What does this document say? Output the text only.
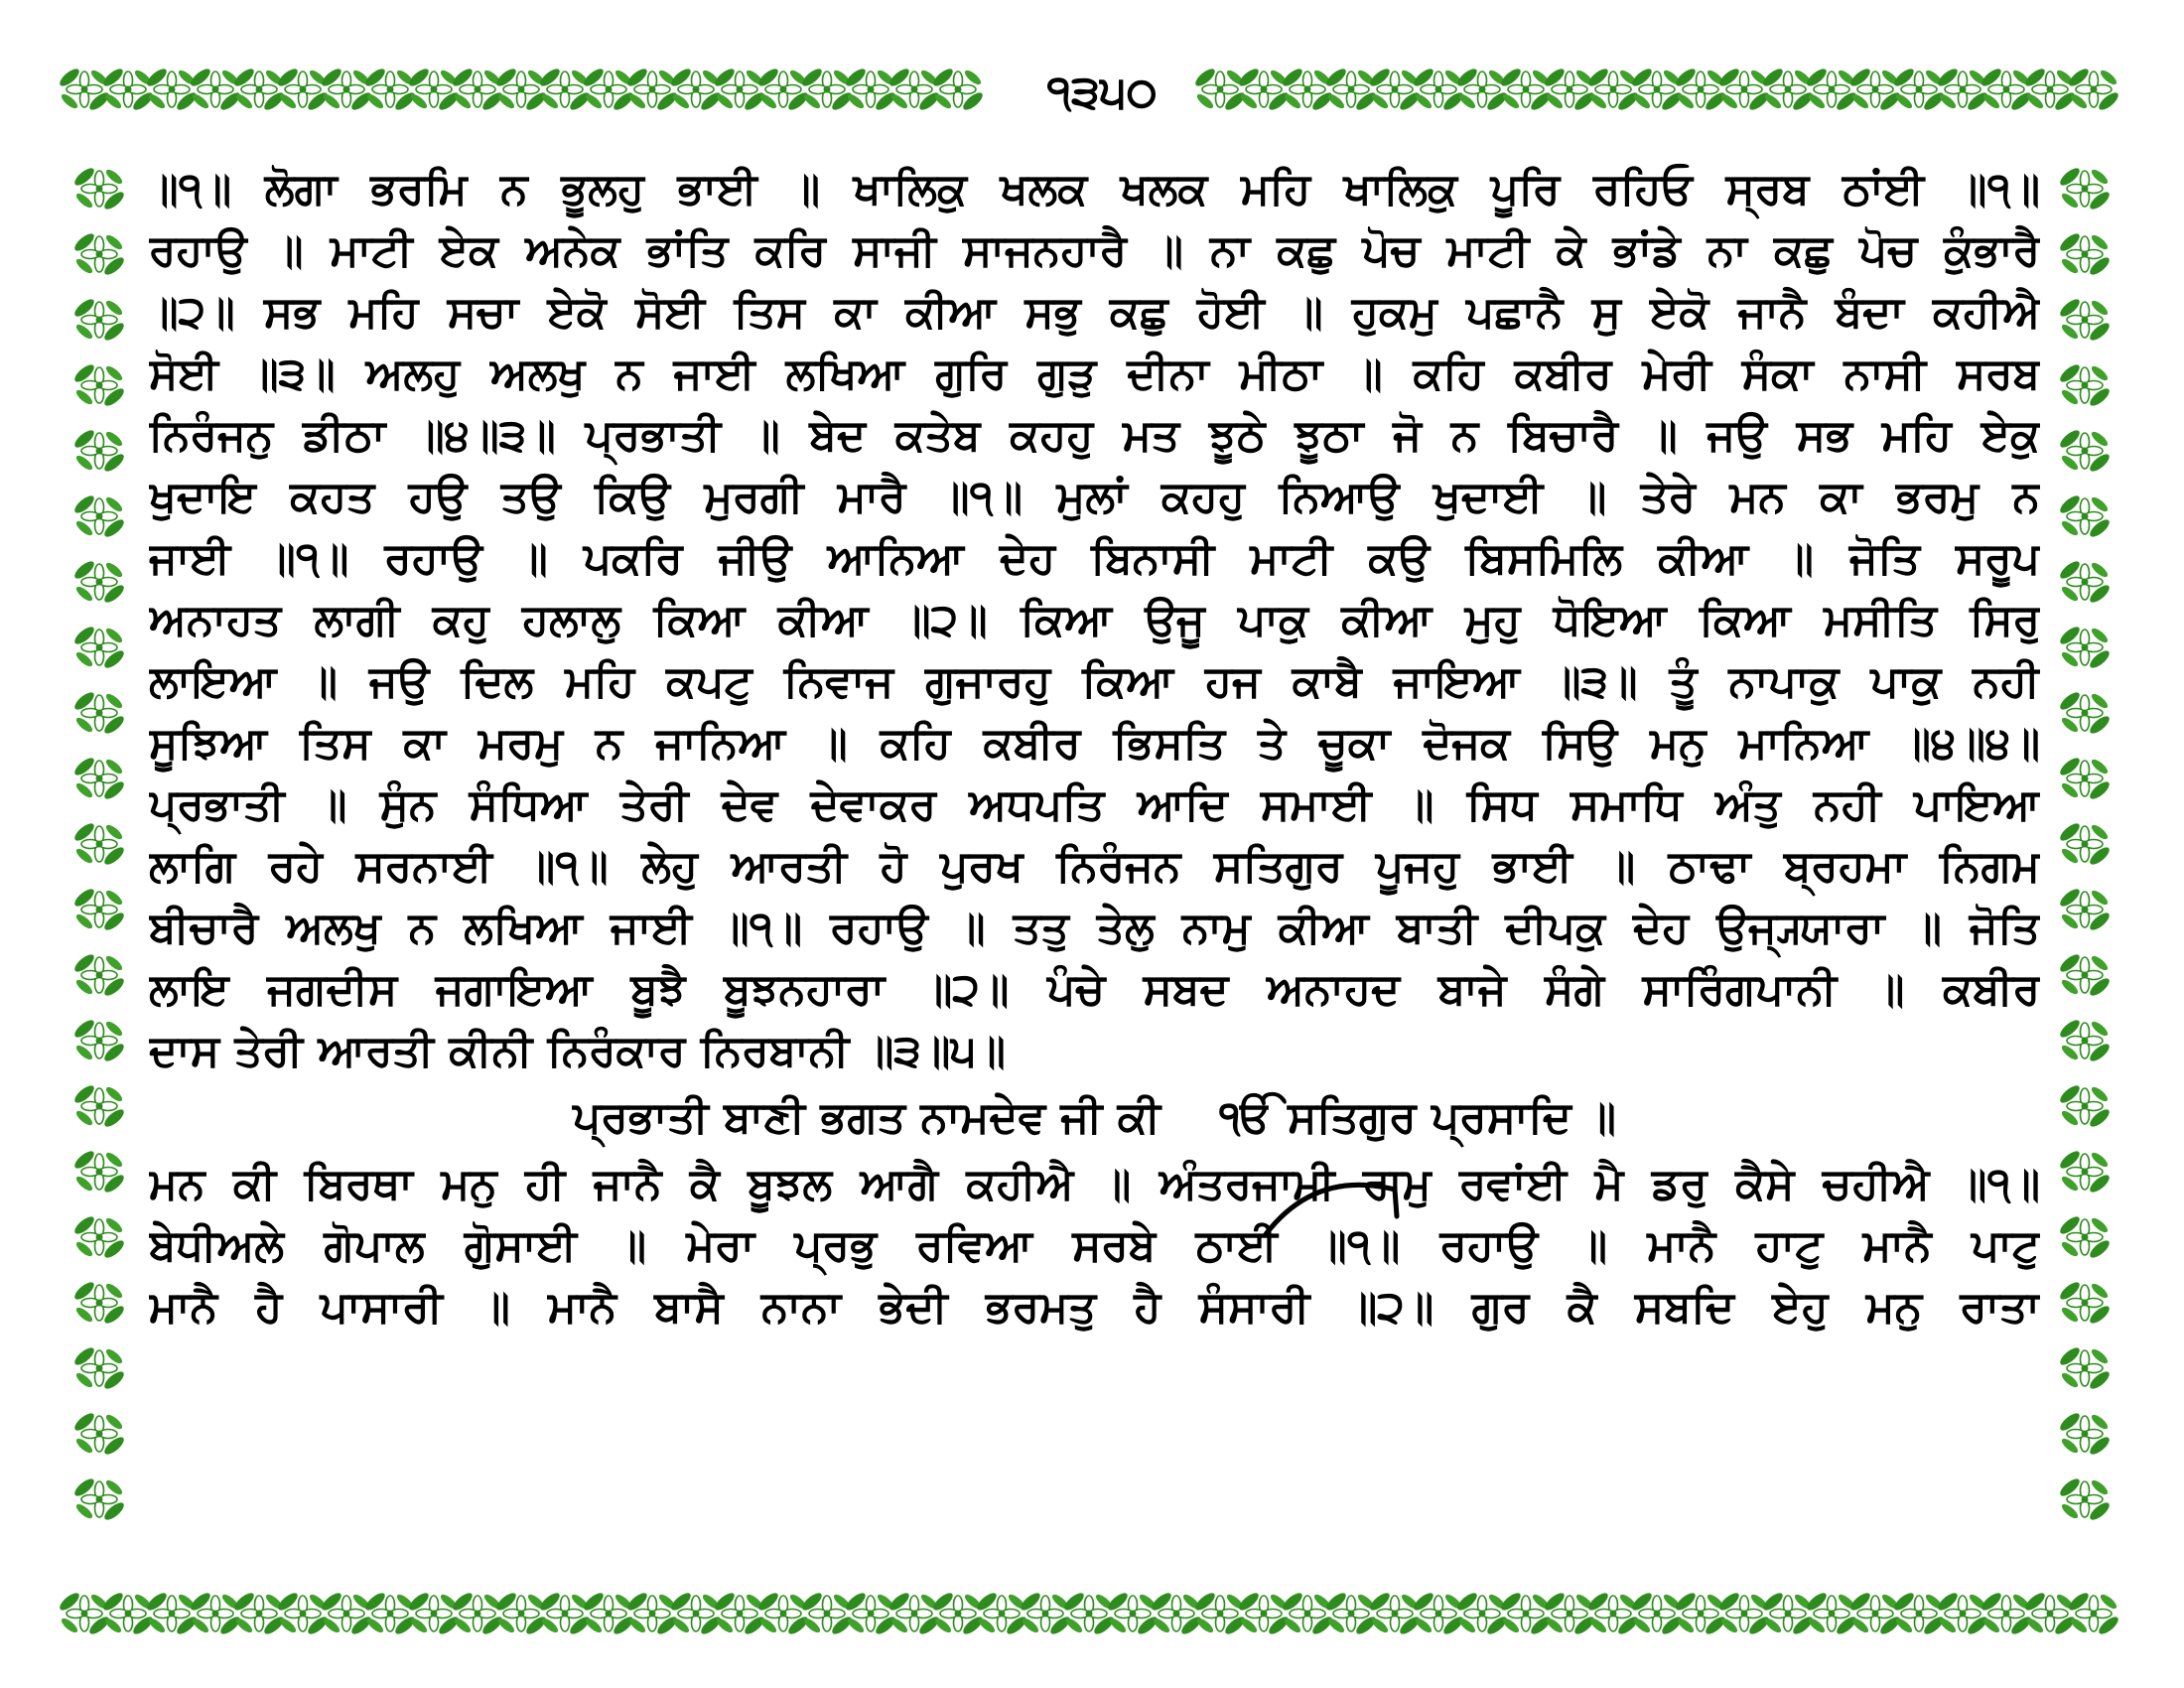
੧੩੫੦
॥੧॥ ਲੋਗਾ ਭਰਮਿ ਨ ਭੂਲਹੁ ਭਾਈ ॥ ਖਾਲਿਕੁ ਖਲਕ ਖਲਕ ਮਹਿ ਖਾਲਿਕੁ ਪੂਰਿ ਰਹਿਓ ਸ੍ਰਬ ਠਾਂਈ ॥੧॥
ਰਹਾਉ ॥ ਮਾਟੀ ਏਕ ਅਨੇਕ ਭਾਂਤਿ ਕਰਿ ਸਾਜੀ ਸਾਜਨਹਾਰੈ ॥ ਨਾ ਕਛੁ ਪੋਚ ਮਾਟੀ ਕੇ ਭਾਂਡੇ ਨਾ ਕਛੁ ਪੋਚ ਕੁੰਭਾਰੈ
॥੨॥ ਸਭ ਮਹਿ ਸਚਾ ਏਕੋ ਸੋਈ ਤਿਸ ਕਾ ਕੀਆ ਸਭੁ ਕਛੁ ਹੋਈ ॥ ਹੁਕਮੁ ਪਛਾਨੈ ਸੁ ਏਕੋ ਜਾਨੈ ਬੰਦਾ ਕਹੀਐ
ਸੋਈ ॥੩॥ ਅਲਹੁ ਅਲਖੁ ਨ ਜਾਈ ਲਖਿਆ ਗੁਰਿ ਗੁੜੁ ਦੀਨਾ ਮੀਠਾ ॥ ਕਹਿ ਕਬੀਰ ਮੇਰੀ ਸੰਕਾ ਨਾਸੀ ਸਰਬ
ਨਿਰੰਜਨੁ ਡੀਠਾ ॥੪॥੩॥ ਪ੍ਰਭਾਤੀ ॥ ਬੇਦ ਕਤੇਬ ਕਹਹੁ ਮਤ ਝੂਠੇ ਝੂਠਾ ਜੋ ਨ ਬਿਚਾਰੈ ॥ ਜਉ ਸਭ ਮਹਿ ਏਕੁ
ਖੁਦਾਇ ਕਹਤ ਹਉ ਤਉ ਕਿਉ ਮੁਰਗੀ ਮਾਰੈ ॥੧॥ ਮੁਲਾਂ ਕਹਹੁ ਨਿਆਉ ਖੁਦਾਈ ॥ ਤੇਰੇ ਮਨ ਕਾ ਭਰਮੁ ਨ
ਜਾਈ ॥੧॥ ਰਹਾਉ ॥ ਪਕਰਿ ਜੀਉ ਆਨਿਆ ਦੇਹ ਬਿਨਾਸੀ ਮਾਟੀ ਕਉ ਬਿਸਮਿਲਿ ਕੀਆ ॥ ਜੋਤਿ ਸਰੂਪ
ਅਨਾਹਤ ਲਾਗੀ ਕਹੁ ਹਲਾਲੁ ਕਿਆ ਕੀਆ ॥੨॥ ਕਿਆ ਉਜੂ ਪਾਕੁ ਕੀਆ ਮੁਹੁ ਧੋਇਆ ਕਿਆ ਮਸੀਤਿ ਸਿਰੁ
ਲਾਇਆ ॥ ਜਉ ਦਿਲ ਮਹਿ ਕਪਟੁ ਨਿਵਾਜ ਗੁਜਾਰਹੁ ਕਿਆ ਹਜ ਕਾਬੈ ਜਾਇਆ ॥੩॥ ਤੂੰ ਨਾਪਾਕੁ ਪਾਕੁ ਨਹੀ
ਸੂਝਿਆ ਤਿਸ ਕਾ ਮਰਮੁ ਨ ਜਾਨਿਆ ॥ ਕਹਿ ਕਬੀਰ ਭਿਸਤਿ ਤੇ ਚੂਕਾ ਦੋਜਕ ਸਿਉ ਮਨੁ ਮਾਨਿਆ ॥੪॥੪॥
ਪ੍ਰਭਾਤੀ ॥ ਸੁੰਨ ਸੰਧਿਆ ਤੇਰੀ ਦੇਵ ਦੇਵਾਕਰ ਅਧਪਤਿ ਆਦਿ ਸਮਾਈ ॥ ਸਿਧ ਸਮਾਧਿ ਅੰਤੁ ਨਹੀ ਪਾਇਆ
ਲਾਗਿ ਰਹੇ ਸਰਨਾਈ ॥੧॥ ਲੇਹੁ ਆਰਤੀ ਹੋ ਪੁਰਖ ਨਿਰੰਜਨ ਸਤਿਗੁਰ ਪੂਜਹੁ ਭਾਈ ॥ ਠਾਢਾ ਬ੍ਰਹਮਾ ਨਿਗਮ
ਬੀਚਾਰੈ ਅਲਖੁ ਨ ਲਖਿਆ ਜਾਈ ॥੧॥ ਰਹਾਉ ॥ ਤਤੁ ਤੇਲੁ ਨਾਮੁ ਕੀਆ ਬਾਤੀ ਦੀਪਕੁ ਦੇਹ ਉਜ੍ਯ੍ਯਾਰਾ ॥ ਜੋਤਿ
ਲਾਇ ਜਗਦੀਸ ਜਗਾਇਆ ਬੂਝੈ ਬੂਝਨਹਾਰਾ ॥੨॥ ਪੰਚੇ ਸਬਦ ਅਨਾਹਦ ਬਾਜੇ ਸੰਗੇ ਸਾਰਿੰਗਪਾਨੀ ॥ ਕਬੀਰ
ਦਾਸ ਤੇਰੀ ਆਰਤੀ ਕੀਨੀ ਨਿਰੰਕਾਰ ਨਿਰਬਾਨੀ ॥੩॥੫॥
ਪ੍ਰਭਾਤੀ ਬਾਣੀ ਭਗਤ ਨਾਮਦੇਵ ਜੀ ਕੀ ੴ ਸਤਿਗੁਰ ਪ੍ਰਸਾਦਿ ॥
ਮਨ ਕੀ ਬਿਰਥਾ ਮਨੁ ਹੀ ਜਾਨੈ ਕੈ ਬੂਝਲ ਆਗੈ ਕਹੀਐ ॥ ਅੰਤਰਜਾਮੀ ਰਾਮੁ ਰਵਾਂਈ ਮੈ ਡਰੁ ਕੈਸੇ ਚਹੀਐ ॥੧॥
ਬੇਧੀਅਲੇ ਗੋਪਾਲ ਗੋੁਸਾਈ ॥ ਮੇਰਾ ਪ੍ਰਭੁ ਰਵਿਆ ਸਰਬੇ ਠਾਈ ॥੧॥ ਰਹਾਉ ॥ ਮਾਨੈ ਹਾਟੁ ਮਾਨੈ ਪਾਟੁ
ਮਾਨੈ ਹੈ ਪਾਸਾਰੀ ॥ ਮਾਨੈ ਬਾਸੈ ਨਾਨਾ ਭੇਦੀ ਭਰਮਤੁ ਹੈ ਸੰਸਾਰੀ ॥੨॥ ਗੁਰ ਕੈ ਸਬਦਿ ਏਹੁ ਮਨੁ ਰਾਤਾ
